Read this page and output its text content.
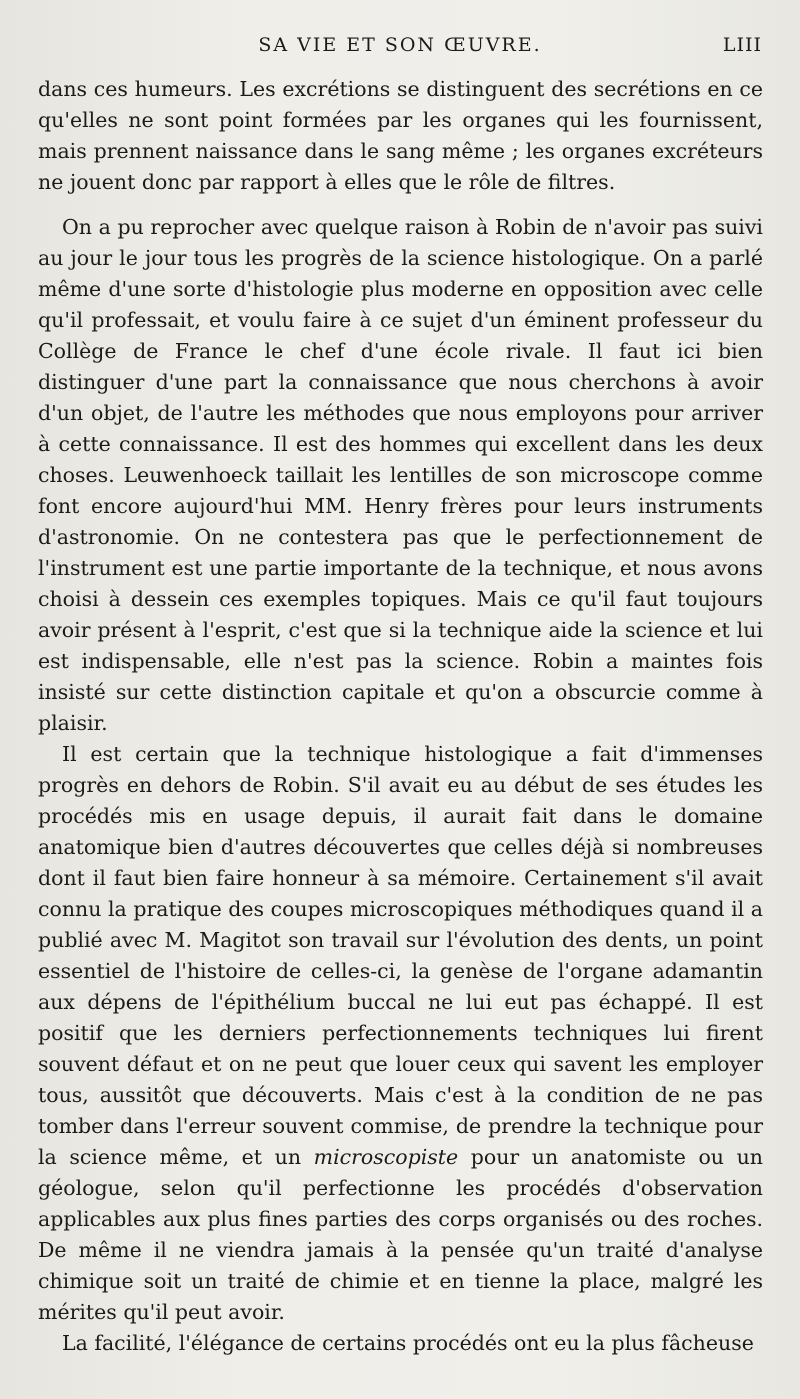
SA VIE ET SON ŒUVRE.	LIII

dans ces humeurs. Les excrétions se distinguent des secrétions en ce qu'elles ne sont point formées par les organes qui les fournissent, mais prennent naissance dans le sang même ; les organes excréteurs ne jouent donc par rapport à elles que le rôle de filtres.

On a pu reprocher avec quelque raison à Robin de n'avoir pas suivi au jour le jour tous les progrès de la science histologique. On a parlé même d'une sorte d'histologie plus moderne en opposition avec celle qu'il professait, et voulu faire à ce sujet d'un éminent professeur du Collège de France le chef d'une école rivale. Il faut ici bien distinguer d'une part la connaissance que nous cherchons à avoir d'un objet, de l'autre les méthodes que nous employons pour arriver à cette connaissance. Il est des hommes qui excellent dans les deux choses. Leuwenhoeck taillait les lentilles de son microscope comme font encore aujourd'hui MM. Henry frères pour leurs instruments d'astronomie. On ne contestera pas que le perfectionnement de l'instrument est une partie importante de la technique, et nous avons choisi à dessein ces exemples topiques. Mais ce qu'il faut toujours avoir présent à l'esprit, c'est que si la technique aide la science et lui est indispensable, elle n'est pas la science. Robin a maintes fois insisté sur cette distinction capitale et qu'on a obscurcie comme à plaisir.

Il est certain que la technique histologique a fait d'immenses progrès en dehors de Robin. S'il avait eu au début de ses études les procédés mis en usage depuis, il aurait fait dans le domaine anatomique bien d'autres découvertes que celles déjà si nombreuses dont il faut bien faire honneur à sa mémoire. Certainement s'il avait connu la pratique des coupes microscopiques méthodiques quand il a publié avec M. Magitot son travail sur l'évolution des dents, un point essentiel de l'histoire de celles-ci, la genèse de l'organe adamantin aux dépens de l'épithélium buccal ne lui eut pas échappé. Il est positif que les derniers perfectionnements techniques lui firent souvent défaut et on ne peut que louer ceux qui savent les employer tous, aussitôt que découverts. Mais c'est à la condition de ne pas tomber dans l'erreur souvent commise, de prendre la technique pour la science même, et un microscopiste pour un anatomiste ou un géologue, selon qu'il perfectionne les procédés d'observation applicables aux plus fines parties des corps organisés ou des roches. De même il ne viendra jamais à la pensée qu'un traité d'analyse chimique soit un traité de chimie et en tienne la place, malgré les mérites qu'il peut avoir.

La facilité, l'élégance de certains procédés ont eu la plus fâcheuse
